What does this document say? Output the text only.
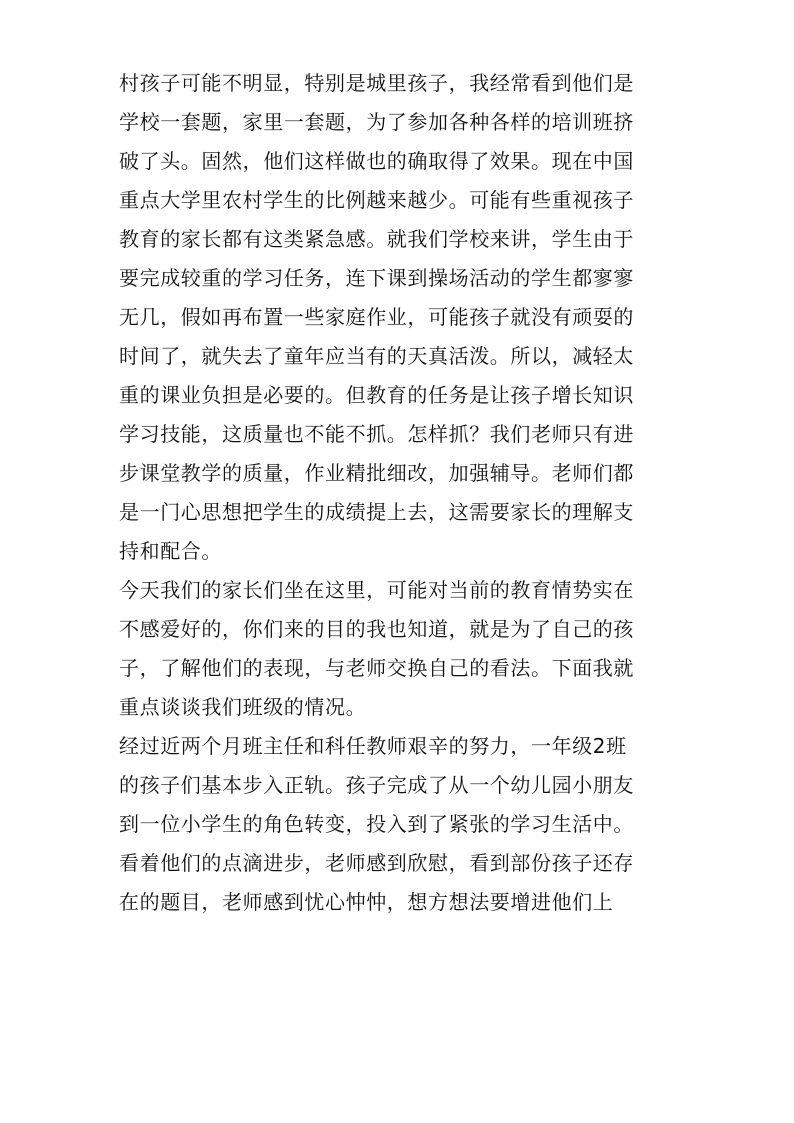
村孩子可能不明显，特别是城里孩子，我经常看到他们是
学校一套题，家里一套题，为了参加各种各样的培训班挤
破了头。固然，他们这样做也的确取得了效果。现在中国
重点大学里农村学生的比例越来越少。可能有些重视孩子
教育的家长都有这类紧急感。就我们学校来讲，学生由于
要完成较重的学习任务，连下课到操场活动的学生都寥寥
无几，假如再布置一些家庭作业，可能孩子就没有顽耍的
时间了，就失去了童年应当有的天真活泼。所以，减轻太
重的课业负担是必要的。但教育的任务是让孩子增长知识
学习技能，这质量也不能不抓。怎样抓？我们老师只有进
步课堂教学的质量，作业精批细改，加强辅导。老师们都
是一门心思想把学生的成绩提上去，这需要家长的理解支
持和配合。

今天我们的家长们坐在这里，可能对当前的教育情势实在
不感爱好的，你们来的目的我也知道，就是为了自己的孩
子，了解他们的表现，与老师交换自己的看法。下面我就
重点谈谈我们班级的情况。

经过近两个月班主任和科任教师艰辛的努力，一年级2班
的孩子们基本步入正轨。孩子完成了从一个幼儿园小朋友
到一位小学生的角色转变，投入到了紧张的学习生活中。
看着他们的点滴进步，老师感到欣慰，看到部份孩子还存
在的题目，老师感到忧心忡忡，想方想法要增进他们上
